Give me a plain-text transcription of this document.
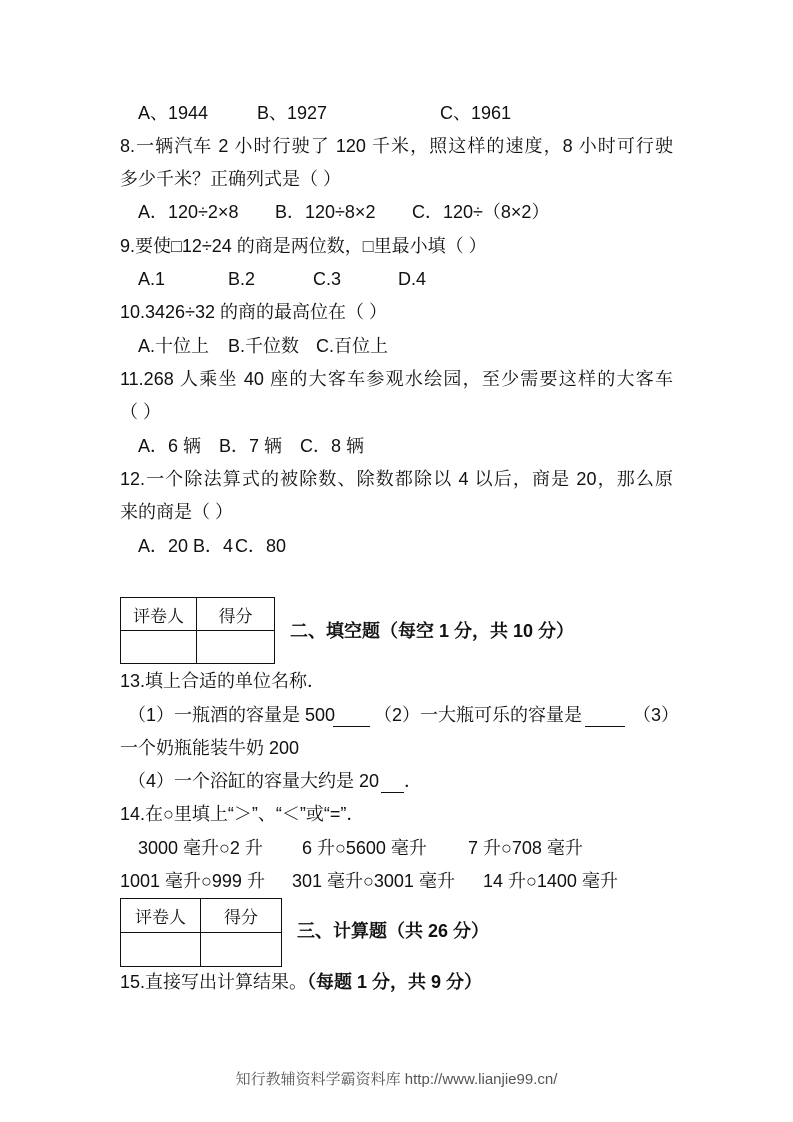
A、1944	B、1927	C、1961
8.一辆汽车 2 小时行驶了 120 千米，照这样的速度，8 小时可行驶
多少千米？正确列式是（ ）
A．120÷2×8 B．120÷8×2 C．120÷（8×2）
9.要使□12÷24 的商是两位数，□里最小填（ ）
A.1	B.2	C.3	D.4
10.3426÷32 的商的最高位在（ ）
A.十位上 B.千位数 C.百位上
11.268 人乘坐 40 座的大客车参观水绘园，至少需要这样的大客车
（ ）
A．6 辆 B．7 辆 C．8 辆
12.一个除法算式的被除数、除数都除以 4 以后，商是 20，那么原
来的商是（ ）
A．20 B．4 C．80
评卷人	得分

二、填空题（每空 1 分，共 10 分）
13.填上合适的单位名称．
（1）一瓶酒的容量是 500 （2）一大瓶可乐的容量是	（3）
一个奶瓶能装牛奶 200
（4）一个浴缸的容量大约是 20 ．
14.在○里填上“＞”、“＜”或“=”．
3000 毫升○2 升 6 升○5600 毫升 7 升○708 毫升
1001 毫升○999 升 301 毫升○3001 毫升 14 升○1400 毫升
评卷人	得分

三、计算题（共 26 分）
15.直接写出计算结果。（每题 1 分，共 9 分）
知行教辅资料学霸资料库 http://www.lianjie99.cn/
